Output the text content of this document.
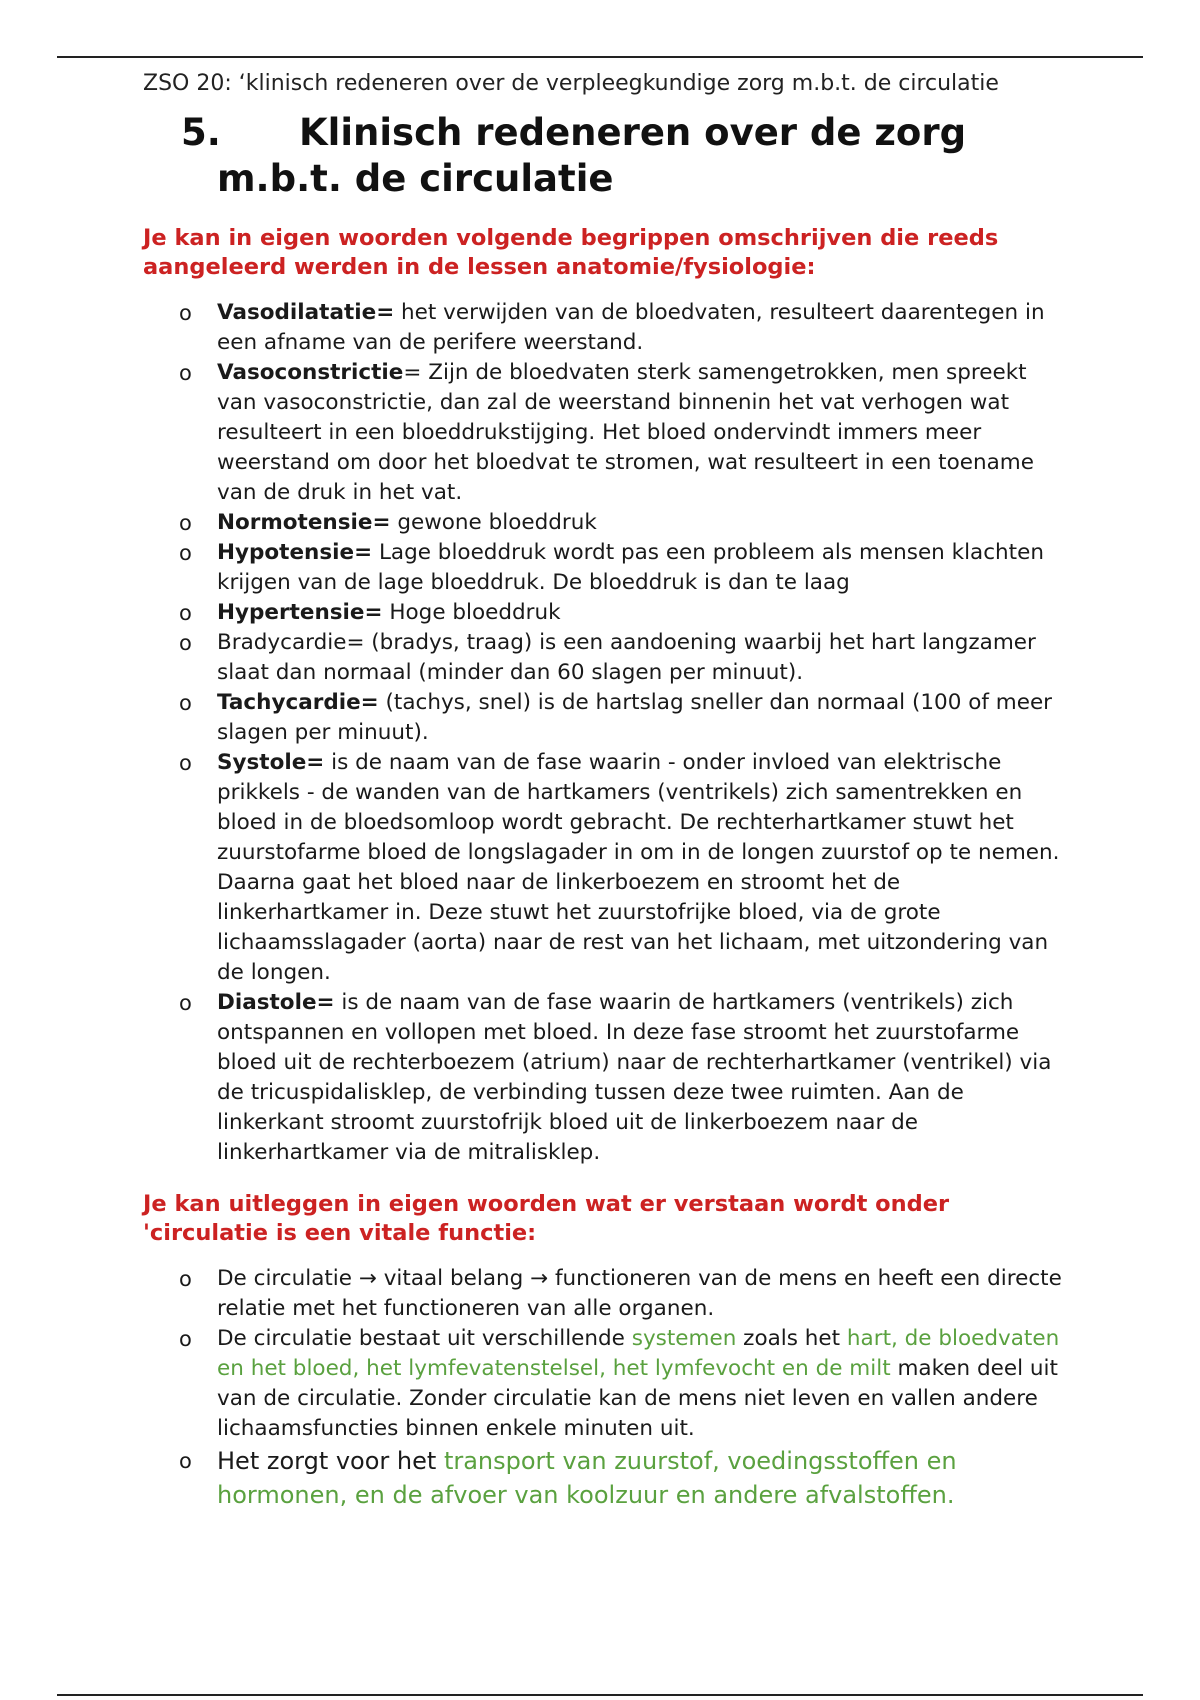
ZSO 20: ‘klinisch redeneren over de verpleegkundige zorg m.b.t. de circulatie

5. Klinisch redeneren over de zorg m.b.t. de circulatie

Je kan in eigen woorden volgende begrippen omschrijven die reeds aangeleerd werden in de lessen anatomie/fysiologie:

o Vasodilatatie= het verwijden van de bloedvaten, resulteert daarentegen in een afname van de perifere weerstand.
o Vasoconstrictie= Zijn de bloedvaten sterk samengetrokken, men spreekt van vasoconstrictie, dan zal de weerstand binnenin het vat verhogen wat resulteert in een bloeddrukstijging. Het bloed ondervindt immers meer weerstand om door het bloedvat te stromen, wat resulteert in een toename van de druk in het vat.
o Normotensie= gewone bloeddruk
o Hypotensie= Lage bloeddruk wordt pas een probleem als mensen klachten krijgen van de lage bloeddruk. De bloeddruk is dan te laag
o Hypertensie= Hoge bloeddruk
o Bradycardie= (bradys, traag) is een aandoening waarbij het hart langzamer slaat dan normaal (minder dan 60 slagen per minuut).
o Tachycardie= (tachys, snel) is de hartslag sneller dan normaal (100 of meer slagen per minuut).
o Systole= is de naam van de fase waarin - onder invloed van elektrische prikkels - de wanden van de hartkamers (ventrikels) zich samentrekken en bloed in de bloedsomloop wordt gebracht. De rechterhartkamer stuwt het zuurstofarme bloed de longslagader in om in de longen zuurstof op te nemen. Daarna gaat het bloed naar de linkerboezem en stroomt het de linkerhartkamer in. Deze stuwt het zuurstofrijke bloed, via de grote lichaamsslagader (aorta) naar de rest van het lichaam, met uitzondering van de longen.
o Diastole= is de naam van de fase waarin de hartkamers (ventrikels) zich ontspannen en vollopen met bloed. In deze fase stroomt het zuurstofarme bloed uit de rechterboezem (atrium) naar de rechterhartkamer (ventrikel) via de tricuspidalisklep, de verbinding tussen deze twee ruimten. Aan de linkerkant stroomt zuurstofrijk bloed uit de linkerboezem naar de linkerhartkamer via de mitralisklep.

Je kan uitleggen in eigen woorden wat er verstaan wordt onder 'circulatie is een vitale functie:

o De circulatie → vitaal belang → functioneren van de mens en heeft een directe relatie met het functioneren van alle organen.
o De circulatie bestaat uit verschillende systemen zoals het hart, de bloedvaten en het bloed, het lymfevatenstelsel, het lymfevocht en de milt maken deel uit van de circulatie. Zonder circulatie kan de mens niet leven en vallen andere lichaamsfuncties binnen enkele minuten uit.
o Het zorgt voor het transport van zuurstof, voedingsstoffen en hormonen, en de afvoer van koolzuur en andere afvalstoffen.
